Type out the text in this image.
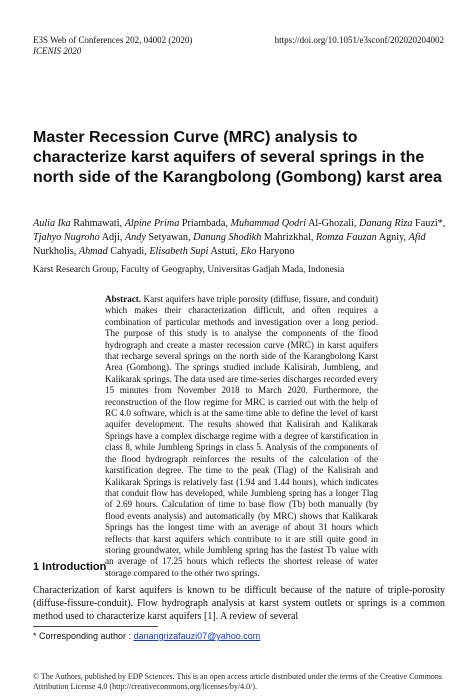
E3S Web of Conferences 202, 04002 (2020)
ICENIS 2020
https://doi.org/10.1051/e3sconf/202020204002
Master Recession Curve (MRC) analysis to characterize karst aquifers of several springs in the north side of the Karangbolong (Gombong) karst area

Aulia Ika Rahmawati, Alpine Prima Priambada, Muhammad Qodri Al-Ghozali, Danang Riza Fauzi*, Tjahyo Nugroho Adji, Andy Setyawan, Danung Shodikh Mahrizkhal, Romza Fauzan Agniy, Afid Nurkholis, Ahmad Cahyadi, Elisabeth Supi Astuti, Eko Haryono

Karst Research Group, Faculty of Geography, Universitas Gadjah Mada, Indonesia

Abstract. Karst aquifers have triple porosity (diffuse, fissure, and conduit) which makes their characterization difficult, and often requires a combination of particular methods and investigation over a long period. The purpose of this study is to analyse the components of the flood hydrograph and create a master recession curve (MRC) in karst aquifers that recharge several springs on the north side of the Karangbolong Karst Area (Gombong). The springs studied include Kalisirah, Jumbleng, and Kalikarak springs. The data used are time-series discharges recorded every 15 minutes from November 2018 to March 2020. Furthermore, the reconstruction of the flow regime for MRC is carried out with the help of RC 4.0 software, which is at the same time able to define the level of karst aquifer development. The results showed that Kalisirah and Kalikarak Springs have a complex discharge regime with a degree of karstification in class 8, while Jumbleng Springs in class 5. Analysis of the components of the flood hydrograph reinforces the results of the calculation of the karstification degree. The time to the peak (Tlag) of the Kalisirah and Kalikarak Springs is relatively fast (1.94 and 1.44 hours), which indicates that conduit flow has developed, while Jumbleng spring has a longer Tlag of 2.69 hours. Calculation of time to base flow (Tb) both manually (by flood events analysis) and automatically (by MRC) shows that Kalikarak Springs has the longest time with an average of about 31 hours which reflects that karst aquifers which contribute to it are still quite good in storing groundwater, while Jumbleng spring has the fastest Tb value with an average of 17.25 hours which reflects the shortest release of water storage compared to the other two springs.

1 Introduction

Characterization of karst aquifers is known to be difficult because of the nature of triple-porosity (diffuse-fissure-conduit). Flow hydrograph analysis at karst system outlets or springs is a common method used to characterize karst aquifers [1]. A review of several

* Corresponding author : danangrizafauzi07@yahoo.com

© The Authors, published by EDP Sciences. This is an open access article distributed under the terms of the Creative Commons Attribution License 4.0 (http://creativecommons.org/licenses/by/4.0/).
